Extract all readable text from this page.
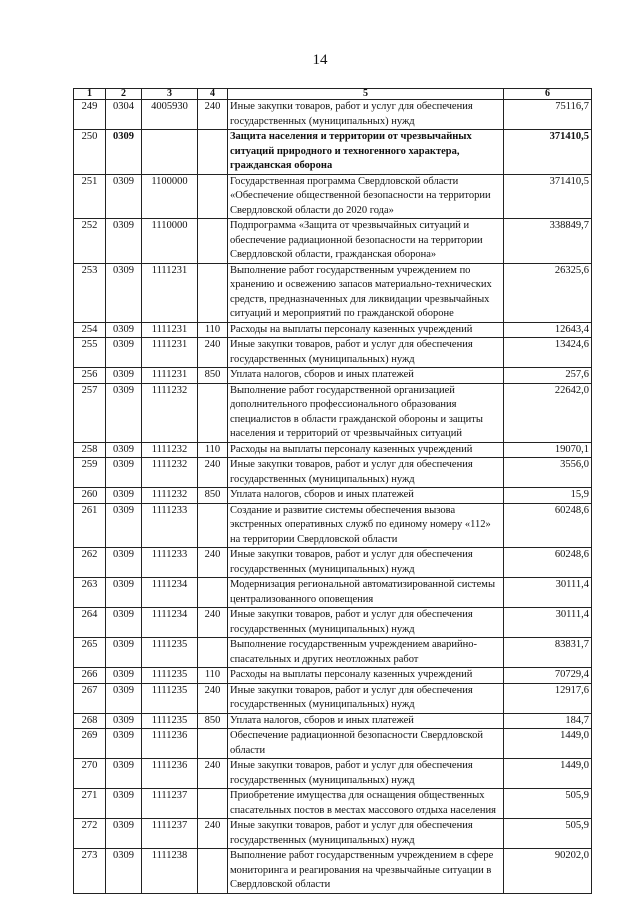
14
1	2	3	4	5	6
249	0304	4005930	240	Иные закупки товаров, работ и услуг для обеспечения государственных (муниципальных) нужд	75116,7
250	0309			Защита населения и территории от чрезвычайных ситуаций природного и техногенного характера, гражданская оборона	371410,5
251	0309	1100000		Государственная программа Свердловской области «Обеспечение общественной безопасности на территории Свердловской области до 2020 года»	371410,5
252	0309	1110000		Подпрограмма «Защита от чрезвычайных ситуаций и обеспечение радиационной безопасности на территории Свердловской области, гражданская оборона»	338849,7
253	0309	1111231		Выполнение работ государственным учреждением по хранению и освежению запасов материально-технических средств, предназначенных для ликвидации чрезвычайных ситуаций и мероприятий по гражданской обороне	26325,6
254	0309	1111231	110	Расходы на выплаты персоналу казенных учреждений	12643,4
255	0309	1111231	240	Иные закупки товаров, работ и услуг для обеспечения государственных (муниципальных) нужд	13424,6
256	0309	1111231	850	Уплата налогов, сборов и иных платежей	257,6
257	0309	1111232		Выполнение работ государственной организацией дополнительного профессионального образования специалистов в области гражданской обороны и защиты населения и территорий от чрезвычайных ситуаций	22642,0
258	0309	1111232	110	Расходы на выплаты персоналу казенных учреждений	19070,1
259	0309	1111232	240	Иные закупки товаров, работ и услуг для обеспечения государственных (муниципальных) нужд	3556,0
260	0309	1111232	850	Уплата налогов, сборов и иных платежей	15,9
261	0309	1111233		Создание и развитие системы обеспечения вызова экстренных оперативных служб по единому номеру «112» на территории Свердловской области	60248,6
262	0309	1111233	240	Иные закупки товаров, работ и услуг для обеспечения государственных (муниципальных) нужд	60248,6
263	0309	1111234		Модернизация региональной автоматизированной системы централизованного оповещения	30111,4
264	0309	1111234	240	Иные закупки товаров, работ и услуг для обеспечения государственных (муниципальных) нужд	30111,4
265	0309	1111235		Выполнение государственным учреждением аварийно-спасательных и других неотложных работ	83831,7
266	0309	1111235	110	Расходы на выплаты персоналу казенных учреждений	70729,4
267	0309	1111235	240	Иные закупки товаров, работ и услуг для обеспечения государственных (муниципальных) нужд	12917,6
268	0309	1111235	850	Уплата налогов, сборов и иных платежей	184,7
269	0309	1111236		Обеспечение радиационной безопасности Свердловской области	1449,0
270	0309	1111236	240	Иные закупки товаров, работ и услуг для обеспечения государственных (муниципальных) нужд	1449,0
271	0309	1111237		Приобретение имущества для оснащения общественных спасательных постов в местах массового отдыха населения	505,9
272	0309	1111237	240	Иные закупки товаров, работ и услуг для обеспечения государственных (муниципальных) нужд	505,9
273	0309	1111238		Выполнение работ государственным учреждением в сфере мониторинга и реагирования на чрезвычайные ситуации в Свердловской области	90202,0
